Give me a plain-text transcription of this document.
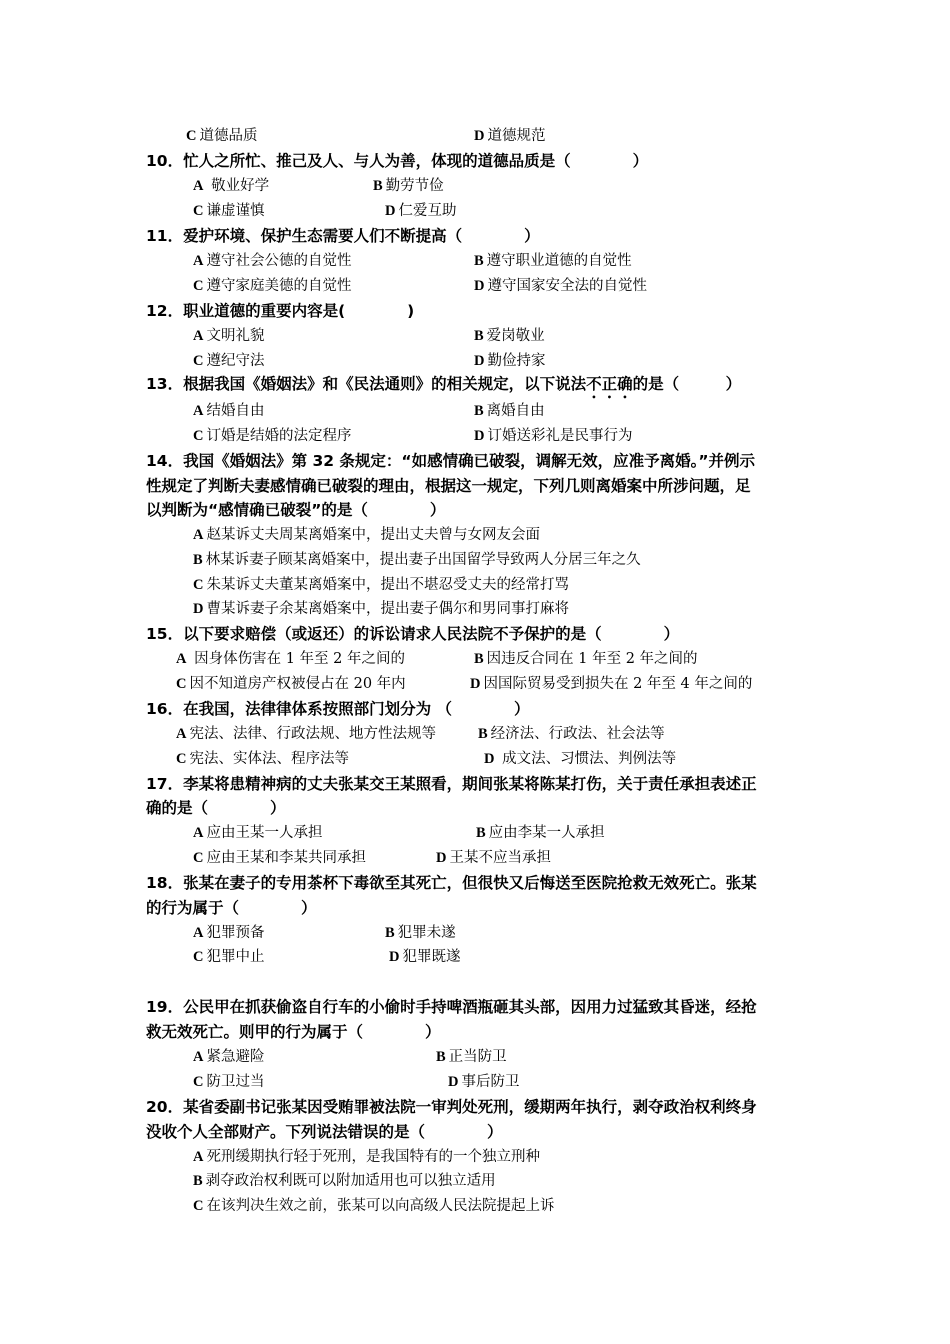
C 道德品质	D 道德规范
10．忙人之所忙、推己及人、与人为善，体现的道德品质是（　　　　）
A 敬业好学	B 勤劳节俭
C 谦虚谨慎	D 仁爱互助
11．爱护环境、保护生态需要人们不断提高（　　　　）
A 遵守社会公德的自觉性	B 遵守职业道德的自觉性
C 遵守家庭美德的自觉性	D 遵守国家安全法的自觉性
12．职业道德的重要内容是(　　　　)
A 文明礼貌	B 爱岗敬业
C 遵纪守法	D 勤俭持家
13．根据我国《婚姻法》和《民法通则》的相关规定，以下说法不正确的是（　　　）
A 结婚自由	B 离婚自由
C 订婚是结婚的法定程序	D 订婚送彩礼是民事行为
14．我国《婚姻法》第 32 条规定：“如感情确已破裂，调解无效，应准予离婚。”并例示
性规定了判断夫妻感情确已破裂的理由，根据这一规定，下列几则离婚案中所涉问题，足
以判断为“感情确已破裂”的是（　　　　）
A 赵某诉丈夫周某离婚案中，提出丈夫曾与女网友会面
B 林某诉妻子顾某离婚案中，提出妻子出国留学导致两人分居三年之久
C 朱某诉丈夫董某离婚案中，提出不堪忍受丈夫的经常打骂
D 曹某诉妻子余某离婚案中，提出妻子偶尔和男同事打麻将
15．以下要求赔偿（或返还）的诉讼请求人民法院不予保护的是（　　　　）
A 因身体伤害在 1 年至 2 年之间的	B 因违反合同在 1 年至 2 年之间的
C 因不知道房产权被侵占在 20 年内	D 因国际贸易受到损失在 2 年至 4 年之间的
16．在我国，法律律体系按照部门划分为 （　　　　）
A 宪法、法律、行政法规、地方性法规等	B 经济法、行政法、社会法等
C 宪法、实体法、程序法等	D 成文法、习惯法、判例法等
17．李某将患精神病的丈夫张某交王某照看，期间张某将陈某打伤，关于责任承担表述正
确的是（　　　　）
A 应由王某一人承担	B 应由李某一人承担
C 应由王某和李某共同承担	D 王某不应当承担
18．张某在妻子的专用茶杯下毒欲至其死亡，但很快又后悔送至医院抢救无效死亡。张某
的行为属于（　　　　）
A 犯罪预备	B 犯罪未遂
C 犯罪中止	D 犯罪既遂
19．公民甲在抓获偷盗自行车的小偷时手持啤酒瓶砸其头部，因用力过猛致其昏迷，经抢
救无效死亡。则甲的行为属于（　　　　）
A 紧急避险	B 正当防卫
C 防卫过当	D 事后防卫
20．某省委副书记张某因受贿罪被法院一审判处死刑，缓期两年执行，剥夺政治权利终身
没收个人全部财产。下列说法错误的是（　　　　）
A 死刑缓期执行轻于死刑，是我国特有的一个独立刑种
B 剥夺政治权利既可以附加适用也可以独立适用
C 在该判决生效之前，张某可以向高级人民法院提起上诉
